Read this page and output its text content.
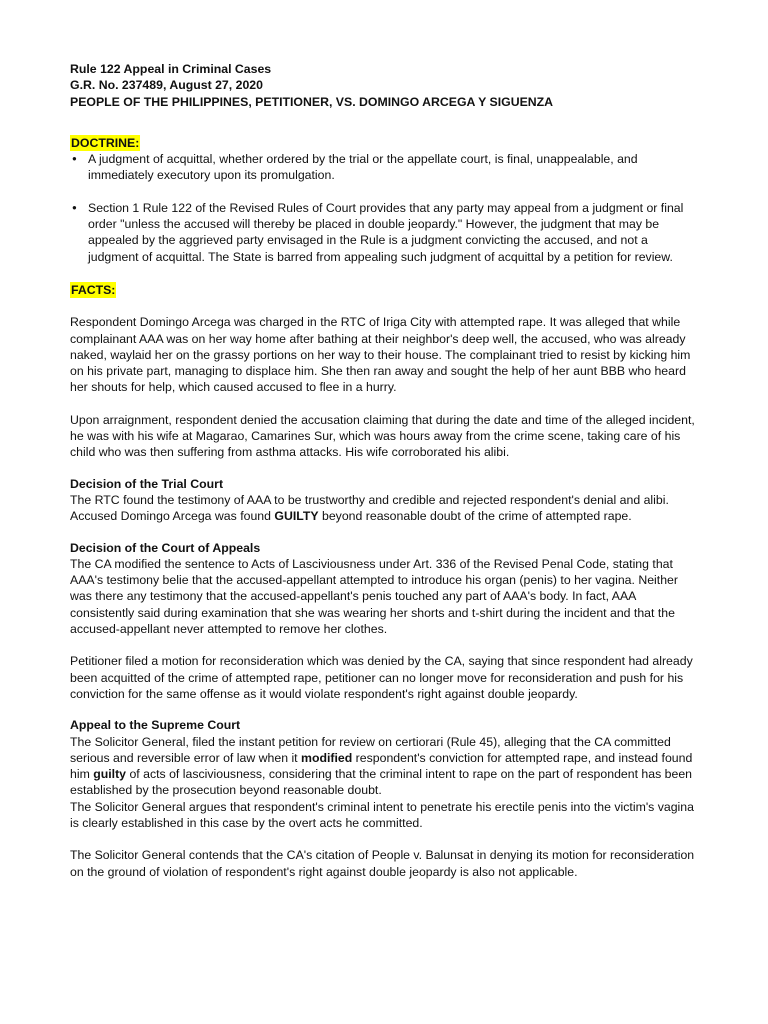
Rule 122 Appeal in Criminal Cases

G.R. No. 237489, August 27, 2020

PEOPLE OF THE PHILIPPINES, PETITIONER, VS. DOMINGO ARCEGA Y SIGUENZA

DOCTRINE:
● A judgment of acquittal, whether ordered by the trial or the appellate court, is final, unappealable, and immediately executory upon its promulgation.
● Section 1 Rule 122 of the Revised Rules of Court provides that any party may appeal from a judgment or final order "unless the accused will thereby be placed in double jeopardy." However, the judgment that may be appealed by the aggrieved party envisaged in the Rule is a judgment convicting the accused, and not a judgment of acquittal. The State is barred from appealing such judgment of acquittal by a petition for review.
FACTS:

Respondent Domingo Arcega was charged in the RTC of Iriga City with attempted rape. It was alleged that while complainant AAA was on her way home after bathing at their neighbor's deep well, the accused, who was already naked, waylaid her on the grassy portions on her way to their house. The complainant tried to resist by kicking him on his private part, managing to displace him. She then ran away and sought the help of her aunt BBB who heard her shouts for help, which caused accused to flee in a hurry.

Upon arraignment, respondent denied the accusation claiming that during the date and time of the alleged incident, he was with his wife at Magarao, Camarines Sur, which was hours away from the crime scene, taking care of his child who was then suffering from asthma attacks. His wife corroborated his alibi.

Decision of the Trial Court

The RTC found the testimony of AAA to be trustworthy and credible and rejected respondent's denial and alibi. Accused Domingo Arcega was found GUILTY beyond reasonable doubt of the crime of attempted rape.

Decision of the Court of Appeals

The CA modified the sentence to Acts of Lasciviousness under Art. 336 of the Revised Penal Code, stating that AAA's testimony belie that the accused-appellant attempted to introduce his organ (penis) to her vagina. Neither was there any testimony that the accused-appellant's penis touched any part of AAA's body. In fact, AAA consistently said during examination that she was wearing her shorts and t-shirt during the incident and that the accused-appellant never attempted to remove her clothes.

Petitioner filed a motion for reconsideration which was denied by the CA, saying that since respondent had already been acquitted of the crime of attempted rape, petitioner can no longer move for reconsideration and push for his conviction for the same offense as it would violate respondent's right against double jeopardy.

Appeal to the Supreme Court

The Solicitor General, filed the instant petition for review on certiorari (Rule 45), alleging that the CA committed serious and reversible error of law when it modified respondent's conviction for attempted rape, and instead found him guilty of acts of lasciviousness, considering that the criminal intent to rape on the part of respondent has been established by the prosecution beyond reasonable doubt.

The Solicitor General argues that respondent's criminal intent to penetrate his erectile penis into the victim's vagina is clearly established in this case by the overt acts he committed.

The Solicitor General contends that the CA's citation of People v. Balunsat in denying its motion for reconsideration on the ground of violation of respondent's right against double jeopardy is also not applicable.
